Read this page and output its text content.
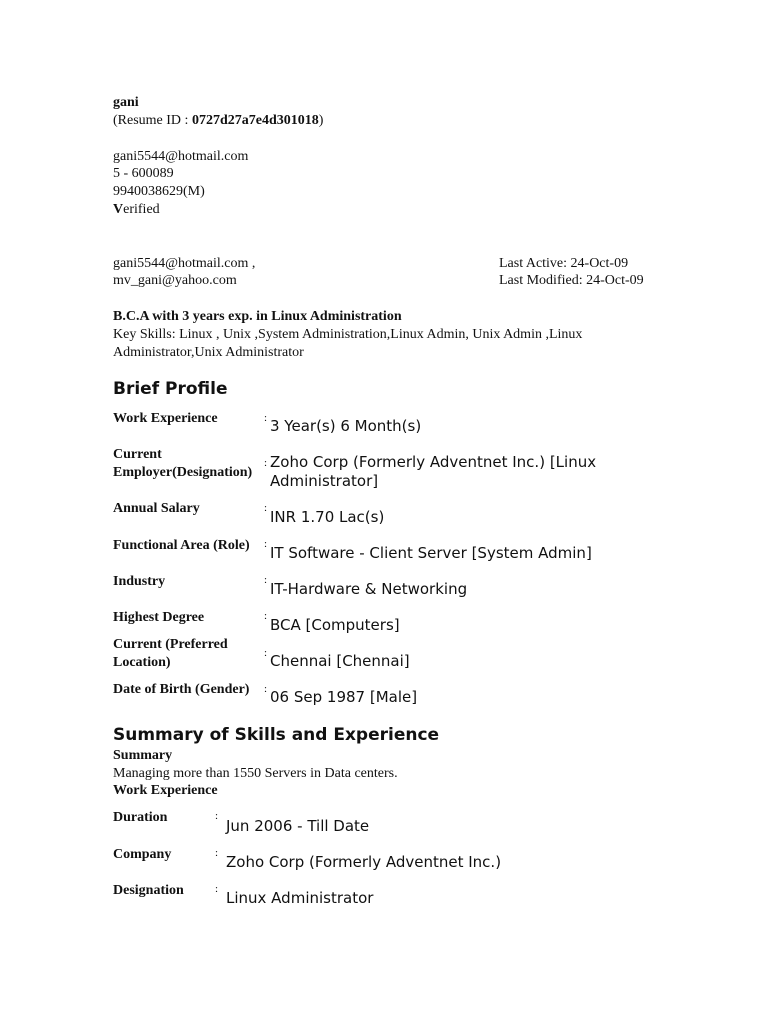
gani
(Resume ID : 0727d27a7e4d301018)
gani5544@hotmail.com
5 - 600089
9940038629(M)
Verified
gani5544@hotmail.com ,
mv_gani@yahoo.com
Last Active: 24-Oct-09
Last Modified: 24-Oct-09
B.C.A with 3 years exp. in Linux Administration
Key Skills: Linux , Unix ,System Administration,Linux Admin, Unix Admin ,Linux Administrator,Unix Administrator
Brief Profile
Work Experience	: 3 Year(s) 6 Month(s)
Current Employer(Designation)
: Zoho Corp (Formerly Adventnet Inc.) [Linux Administrator]
Annual Salary	: INR 1.70 Lac(s)
Functional Area (Role)	: IT Software - Client Server [System Admin]
Industry	: IT-Hardware & Networking
Highest Degree	: BCA [Computers]
Current (Preferred Location)
: Chennai [Chennai]
Date of Birth (Gender)	: 06 Sep 1987 [Male]
Summary of Skills and Experience
Summary
Managing more than 1550 Servers in Data centers.
Work Experience
Duration	:
Jun 2006 - Till Date
Company	: Zoho Corp (Formerly Adventnet Inc.)
Designation	: Linux Administrator
